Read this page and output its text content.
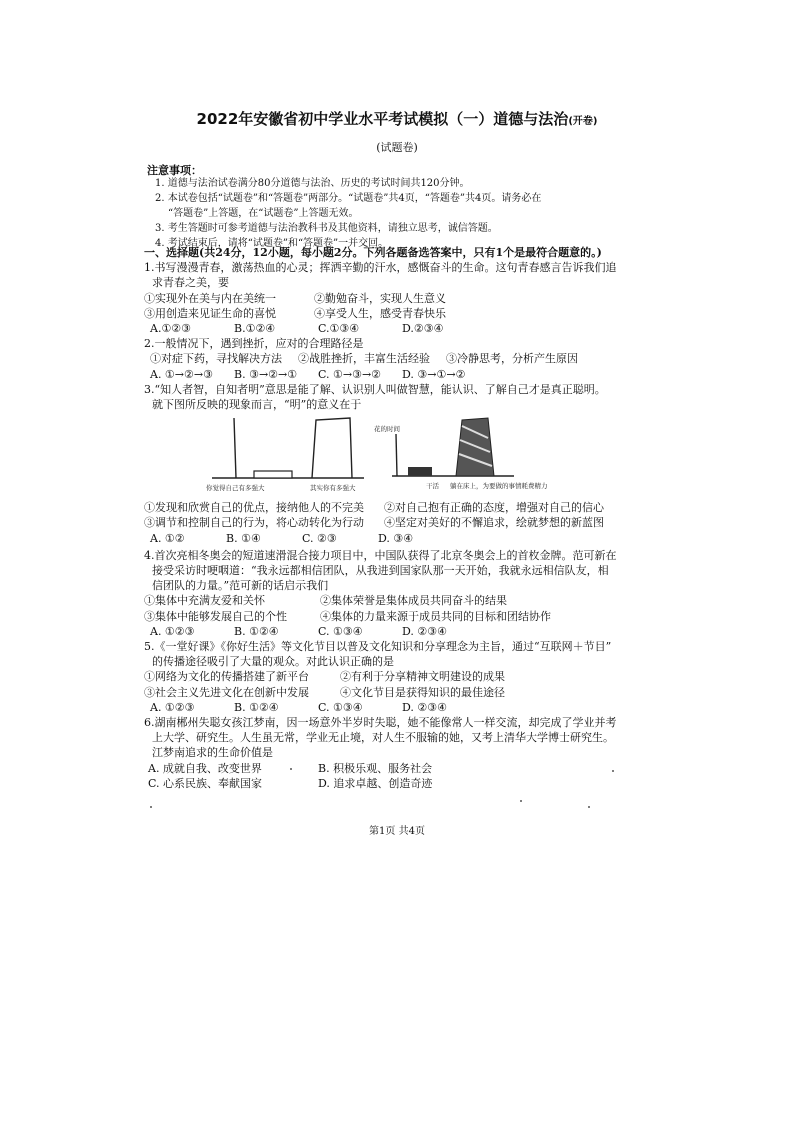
2022年安徽省初中学业水平考试模拟（一）道德与法治(开卷)
(试题卷)
注意事项：
1. 道德与法治试卷满分80分道德与法治、历史的考试时间共120分钟。
2. 本试卷包括“试题卷”和“答题卷”两部分。“试题卷”共4页，“答题卷”共4页。请务必在
“答题卷”上答题，在“试题卷”上答题无效。
3. 考生答题时可参考道德与法治教科书及其他资料，请独立思考，诚信答题。
4. 考试结束后，请将“试题卷”和“答题卷”一并交回。
一、选择题(共24分，12小题，每小题2分。下列各题备选答案中，只有1个是最符合题意的。)
1.书写漫漫青春，激荡热血的心灵；挥洒辛勤的汗水，感慨奋斗的生命。这句青春感言告诉我们追
求青春之美，要
①实现外在美与内在美统一	②勤勉奋斗，实现人生意义
③用创造来见证生命的喜悦	④享受人生，感受青春快乐
A.①②③	B.①②④	C.①③④	D.②③④
2.一般情况下，遇到挫折，应对的合理路径是
①对症下药，寻找解决方法	②战胜挫折，丰富生活经验	③冷静思考，分析产生原因
A. ①→②→③	B. ③→②→①	C. ①→③→②	D. ③→①→②
3.“知人者智，自知者明”意思是能了解、认识别人叫做智慧，能认识、了解自己才是真正聪明。
就下图所反映的现象而言，“明”的意义在于
你觉得自己有多强大	其实你有多强大
花的时间
干活 躺在床上，为要做的事情耗费精力
①发现和欣赏自己的优点，接纳他人的不完美	②对自己抱有正确的态度，增强对自己的信心
③调节和控制自己的行为，将心动转化为行动	④坚定对美好的不懈追求，绘就梦想的新蓝图
A. ①②	B. ①④	C. ②③	D. ③④
4.首次亮相冬奥会的短道速滑混合接力项目中，中国队获得了北京冬奥会上的首枚金牌。范可新在
接受采访时哽咽道：“我永远都相信团队，从我进到国家队那一天开始，我就永远相信队友，相
信团队的力量。”范可新的话启示我们
①集体中充满友爱和关怀	②集体荣誉是集体成员共同奋斗的结果
③集体中能够发展自己的个性	④集体的力量来源于成员共同的目标和团结协作
A. ①②③	B. ①②④	C. ①③④	D. ②③④
5.《一堂好课》《你好生活》等文化节目以普及文化知识和分享理念为主旨，通过“互联网＋节目”
的传播途径吸引了大量的观众。对此认识正确的是
①网络为文化的传播搭建了新平台	②有利于分享精神文明建设的成果
③社会主义先进文化在创新中发展	④文化节目是获得知识的最佳途径
A. ①②③	B. ①②④	C. ①③④	D. ②③④
6.湖南郴州失聪女孩江梦南，因一场意外半岁时失聪，她不能像常人一样交流，却完成了学业并考
上大学、研究生。人生虽无常，学业无止境，对人生不服输的她，又考上清华大学博士研究生。
江梦南追求的生命价值是
A. 成就自我、改变世界	B. 积极乐观、服务社会
C. 心系民族、奉献国家	D. 追求卓越、创造奇迹
第1页 共4页
